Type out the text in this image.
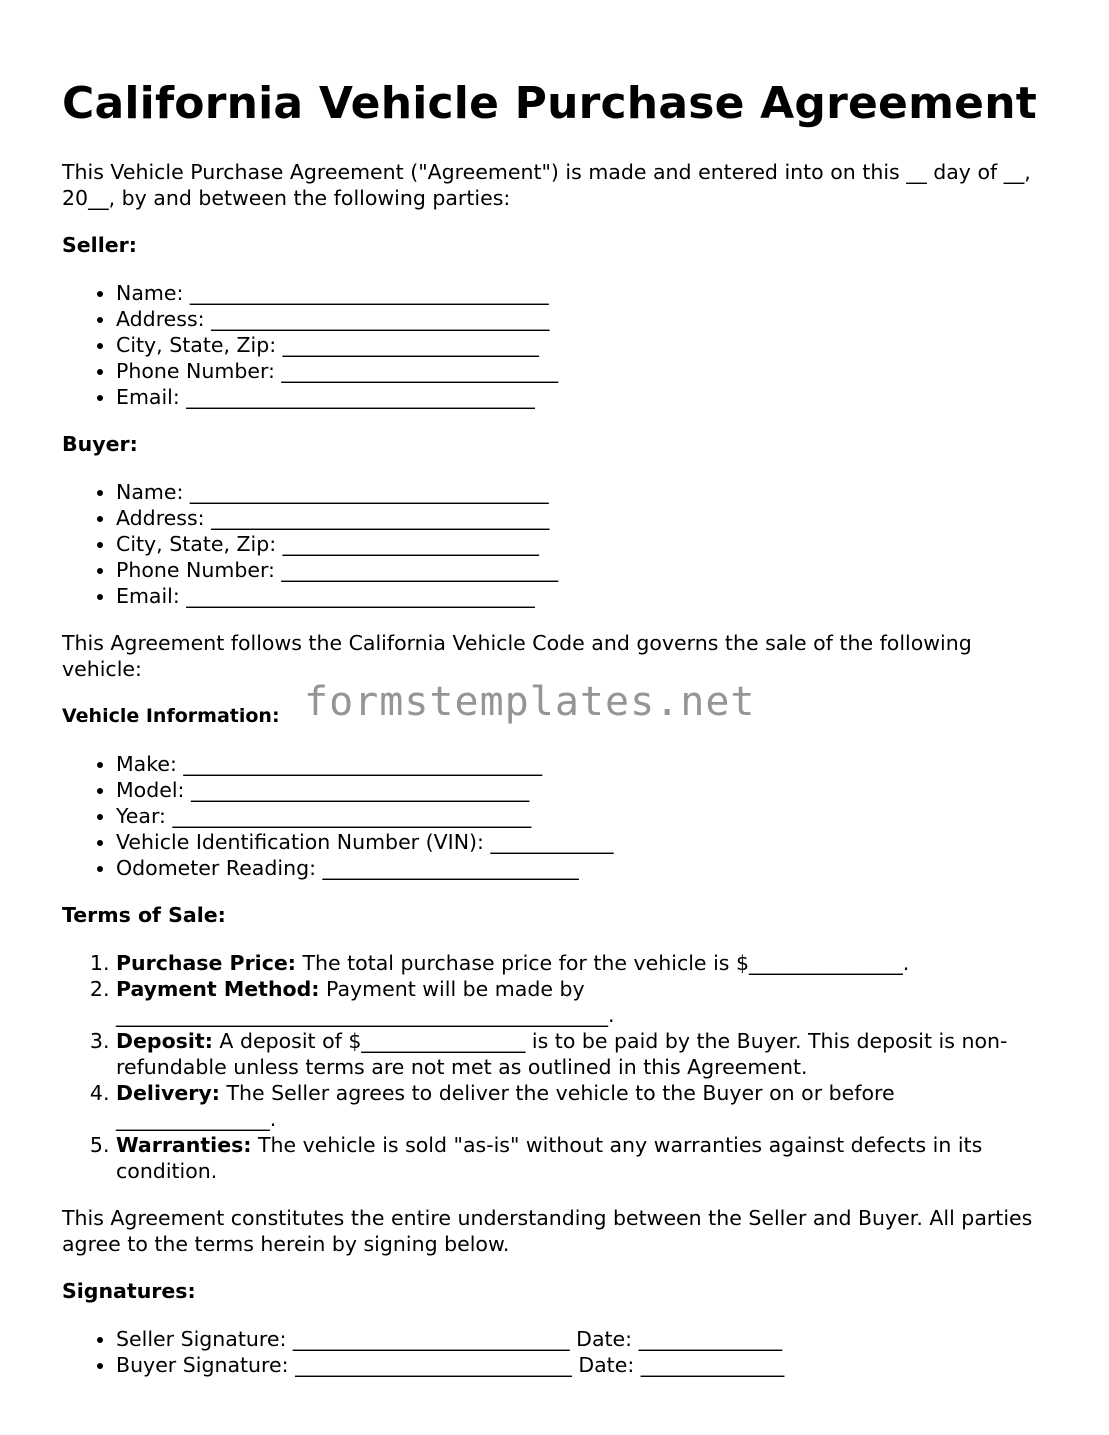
California Vehicle Purchase Agreement

This Vehicle Purchase Agreement ("Agreement") is made and entered into on this __ day of __, 20__, by and between the following parties:

Seller:
• Name: ___________________________________
• Address: _________________________________
• City, State, Zip: _________________________
• Phone Number: ___________________________
• Email: __________________________________
Buyer:
• Name: ___________________________________
• Address: _________________________________
• City, State, Zip: _________________________
• Phone Number: ___________________________
• Email: __________________________________

This Agreement follows the California Vehicle Code and governs the sale of the following vehicle:

Vehicle Information: formstemplates.net
• Make: ___________________________________
• Model: _________________________________
• Year: ___________________________________
• Vehicle Identification Number (VIN): ____________
• Odometer Reading: _________________________
Terms of Sale:
1. Purchase Price: The total purchase price for the vehicle is $_______________.
2. Payment Method: Payment will be made by ________________________________________________.
3. Deposit: A deposit of $________________ is to be paid by the Buyer. This deposit is non-refundable unless terms are not met as outlined in this Agreement.
4. Delivery: The Seller agrees to deliver the vehicle to the Buyer on or before _______________.
5. Warranties: The vehicle is sold "as-is" without any warranties against defects in its condition.

This Agreement constitutes the entire understanding between the Seller and Buyer. All parties agree to the terms herein by signing below.

Signatures:
• Seller Signature: ___________________________ Date: ______________
• Buyer Signature: ___________________________ Date: ______________
